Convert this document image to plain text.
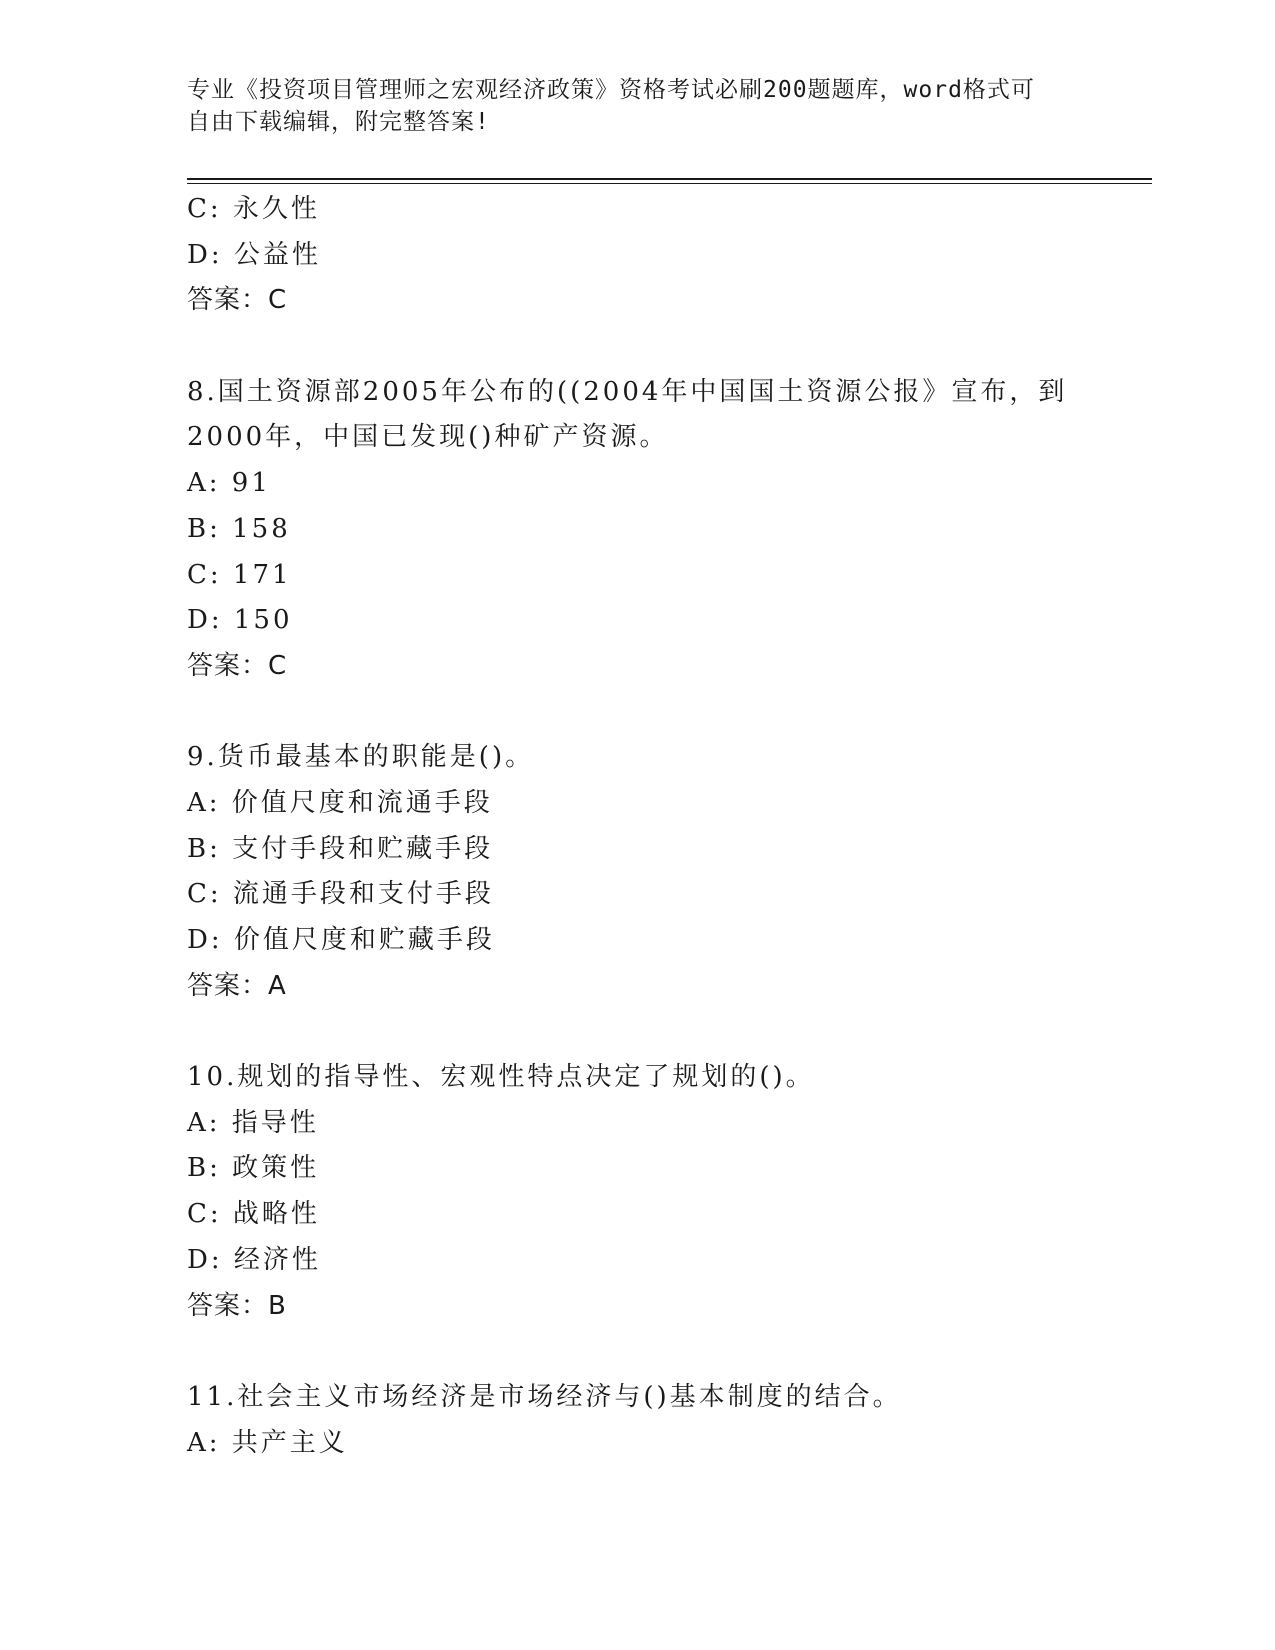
专业《投资项目管理师之宏观经济政策》资格考试必刷200题题库，word格式可
自由下载编辑，附完整答案!
C: 永久性
D: 公益性
答案：C
8.国土资源部2005年公布的((2004年中国国土资源公报》宣布，到
2000年，中国已发现()种矿产资源。
A: 91
B: 158
C: 171
D: 150
答案：C
9.货币最基本的职能是()。
A: 价值尺度和流通手段
B: 支付手段和贮藏手段
C: 流通手段和支付手段
D: 价值尺度和贮藏手段
答案：A
10.规划的指导性、宏观性特点决定了规划的()。
A: 指导性
B: 政策性
C: 战略性
D: 经济性
答案：B
11.社会主义市场经济是市场经济与()基本制度的结合。
A: 共产主义
